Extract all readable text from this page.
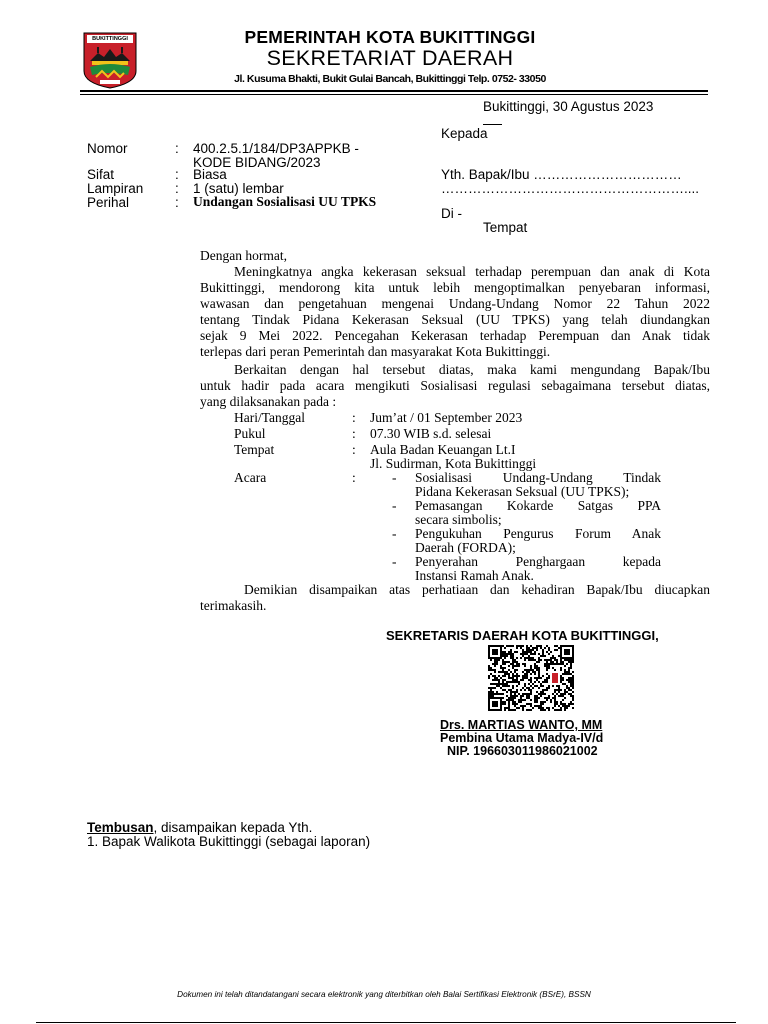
BUKITTINGGI	PEMERINTAH KOTA BUKITTINGGI
SEKRETARIAT DAERAH
Jl. Kusuma Bhakti, Bukit Gulai Bancah, Bukittinggi Telp. 0752- 33050
Bukittinggi, 30 Agustus 2023
Nomor	: 400.2.5.1/184/DP3APPKB -
KODE BIDANG/2023
Sifat	: Biasa
Lampiran : 1 (satu) lembar
Perihal	: Undangan Sosialisasi UU TPKS
Kepada
Yth. Bapak/Ibu ……………………………
………………………………………………....
Di -
Tempat
Dengan hormat,
Meningkatnya angka kekerasan seksual terhadap perempuan dan anak di Kota
Bukittinggi, mendorong kita untuk lebih mengoptimalkan penyebaran informasi,
wawasan dan pengetahuan mengenai Undang-Undang Nomor 22 Tahun 2022
tentang Tindak Pidana Kekerasan Seksual (UU TPKS) yang telah diundangkan
sejak 9 Mei 2022. Pencegahan Kekerasan terhadap Perempuan dan Anak tidak
terlepas dari peran Pemerintah dan masyarakat Kota Bukittinggi.
Berkaitan dengan hal tersebut diatas, maka kami mengundang Bapak/Ibu
untuk hadir pada acara mengikuti Sosialisasi regulasi sebagaimana tersebut diatas,
yang dilaksanakan pada :
Hari/Tanggal	: Jum’at / 01 September 2023
Pukul	: 07.30 WIB s.d. selesai
Tempat	: Aula Badan Keuangan Lt.I
Jl. Sudirman, Kota Bukittinggi
Acara	:	- Sosialisasi Undang-Undang Tindak
Pidana Kekerasan Seksual (UU TPKS);
- Pemasangan Kokarde Satgas PPA
secara simbolis;
- Pengukuhan Pengurus Forum Anak
Daerah (FORDA);
- Penyerahan Penghargaan kepada
Instansi Ramah Anak.
Demikian disampaikan atas perhatiaan dan kehadiran Bapak/Ibu diucapkan
terimakasih.
SEKRETARIS DAERAH KOTA BUKITTINGGI,
Drs. MARTIAS WANTO, MM
Pembina Utama Madya-IV/d
NIP. 196603011986021002
Tembusan, disampaikan kepada Yth.
1. Bapak Walikota Bukittinggi (sebagai laporan)
Dokumen ini telah ditandatangani secara elektronik yang diterbitkan oleh Balai Sertifikasi Elektronik (BSrE), BSSN
